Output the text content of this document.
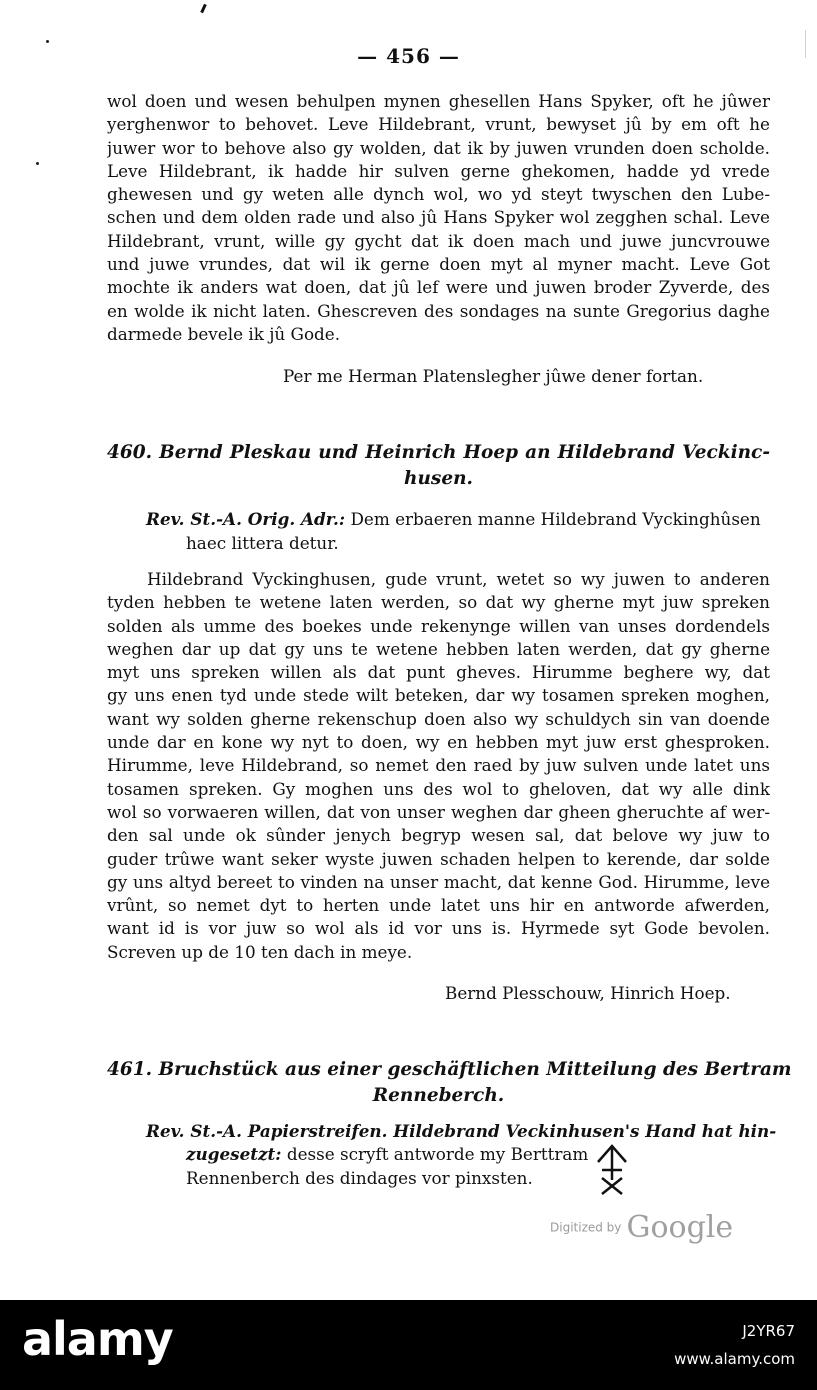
— 456 —
wol doen und wesen behulpen mynen ghesellen Hans Spyker, oft he jûwer
yerghenwor to behovet. Leve Hildebrant, vrunt, bewyset jû by em oft he
juwer wor to behove also gy wolden, dat ik by juwen vrunden doen scholde.
Leve Hildebrant, ik hadde hir sulven gerne ghekomen, hadde yd vrede
ghewesen und gy weten alle dynch wol, wo yd steyt twyschen den Lube-
schen und dem olden rade und also jû Hans Spyker wol zegghen schal. Leve
Hildebrant, vrunt, wille gy gycht dat ik doen mach und juwe juncvrouwe
und juwe vrundes, dat wil ik gerne doen myt al myner macht. Leve Got
mochte ik anders wat doen, dat jû lef were und juwen broder Zyverde, des
en wolde ik nicht laten. Ghescreven des sondages na sunte Gregorius daghe
darmede bevele ik jû Gode.
Per me Herman Platenslegher jûwe dener fortan.
460. Bernd Pleskau und Heinrich Hoep an Hildebrand Veckinc-
husen.
Rev. St.-A. Orig. Adr.: Dem erbaeren manne Hildebrand Vyckinghûsen
haec littera detur.
Hildebrand Vyckinghusen, gude vrunt, wetet so wy juwen to anderen
tyden hebben te wetene laten werden, so dat wy gherne myt juw spreken
solden als umme des boekes unde rekenynge willen van unses dordendels
weghen dar up dat gy uns te wetene hebben laten werden, dat gy gherne
myt uns spreken willen als dat punt gheves. Hirumme beghere wy, dat
gy uns enen tyd unde stede wilt beteken, dar wy tosamen spreken moghen,
want wy solden gherne rekenschup doen also wy schuldych sin van doende
unde dar en kone wy nyt to doen, wy en hebben myt juw erst ghesproken.
Hirumme, leve Hildebrand, so nemet den raed by juw sulven unde latet uns
tosamen spreken. Gy moghen uns des wol to gheloven, dat wy alle dink
wol so vorwaeren willen, dat von unser weghen dar gheen gheruchte af wer-
den sal unde ok sûnder jenych begryp wesen sal, dat belove wy juw to
guder trûwe want seker wyste juwen schaden helpen to kerende, dar solde
gy uns altyd bereet to vinden na unser macht, dat kenne God. Hirumme, leve
vrûnt, so nemet dyt to herten unde latet uns hir en antworde afwerden,
want id is vor juw so wol als id vor uns is. Hyrmede syt Gode bevolen.
Screven up de 10 ten dach in meye.
Bernd Plesschouw, Hinrich Hoep.
461. Bruchstück aus einer geschäftlichen Mitteilung des Bertram
Renneberch.
Rev. St.-A. Papierstreifen. Hildebrand Veckinhusen's Hand hat hin-
zugesetzt: desse scryft antworde my Berttram
Rennenberch des dindages vor pinxsten.
Digitized by Google
alamy	J2YR67
www.alamy.com
